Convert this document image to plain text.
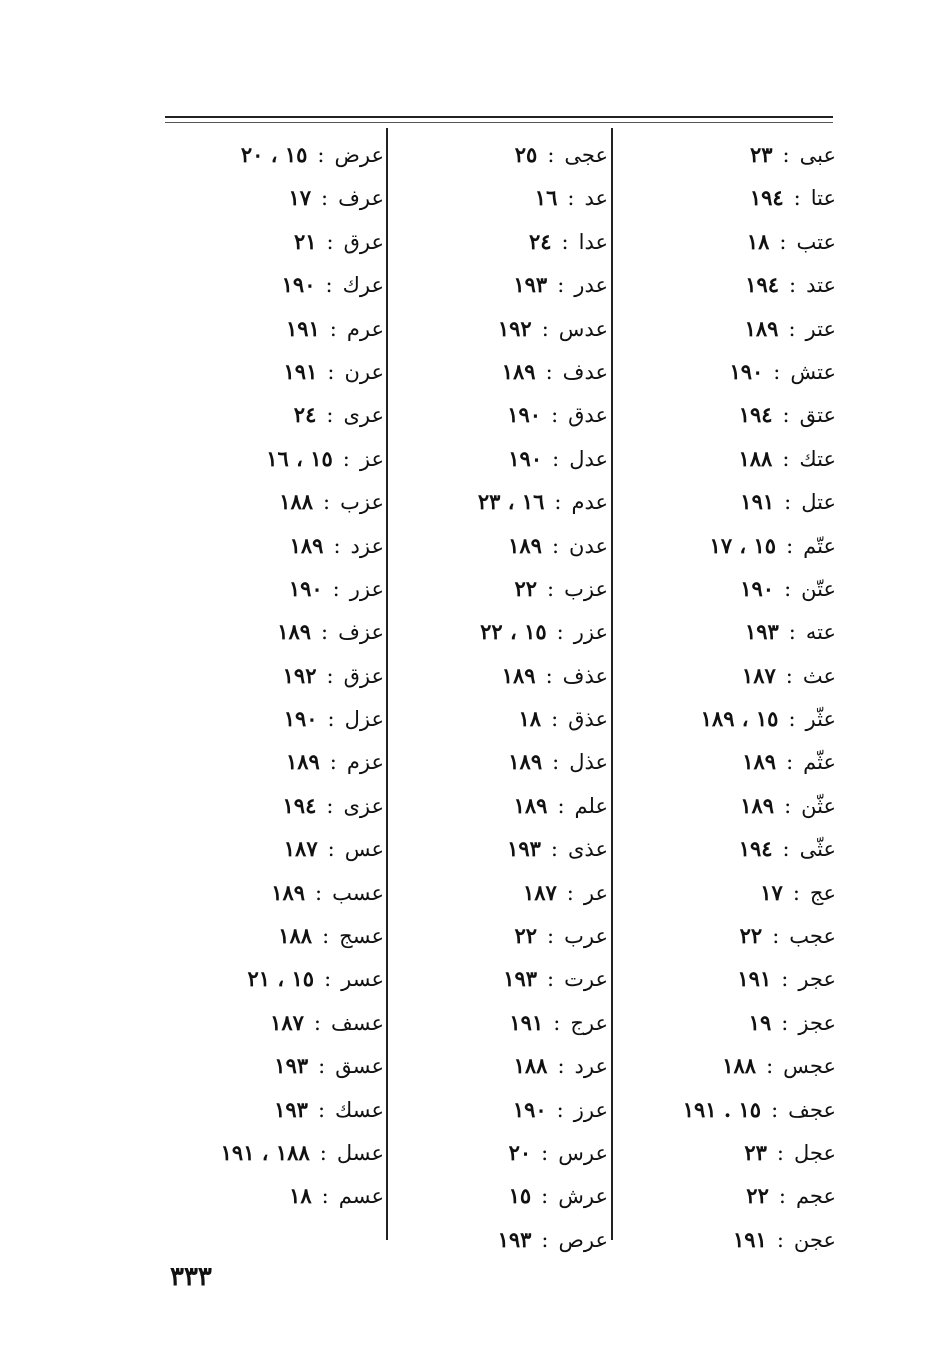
عبى:٢٣
عتا:١٩٤
عتب:١٨
عتد:١٩٤
عتر:١٨٩
عتش:١٩٠
عتق:١٩٤
عتك:١٨٨
عتل:١٩١
عتّم:١٥ ، ١٧
عتّن:١٩٠
عته:١٩٣
عث:١٨٧
عثّر:١٥ ، ١٨٩
عثّم:١٨٩
عثّن:١٨٩
عثّى:١٩٤
عج:١٧
عجب:٢٢
عجر:١٩١
عجز:١٩
عجس:١٨٨
عجف:١٥ . ١٩١
عجل:٢٣
عجم:٢٢
عجن:١٩١
عجى:٢٥
عد:١٦
عدا:٢٤
عدر:١٩٣
عدس:١٩٢
عدف:١٨٩
عدق:١٩٠
عدل:١٩٠
عدم:١٦ ، ٢٣
عدن:١٨٩
عزب:٢٢
عزر:١٥ ، ٢٢
عذف:١٨٩
عذق:١٨
عذل:١٨٩
علم:١٨٩
عذى:١٩٣
عر:١٨٧
عرب:٢٢
عرت:١٩٣
عرج:١٩١
عرد:١٨٨
عرز:١٩٠
عرس:٢٠
عرش:١٥
عرص:١٩٣
عرض:١٥ ، ٢٠
عرف:١٧
عرق:٢١
عرك:١٩٠
عرم:١٩١
عرن:١٩١
عرى:٢٤
عز:١٥ ، ١٦
عزب:١٨٨
عزد:١٨٩
عزر:١٩٠
عزف:١٨٩
عزق:١٩٢
عزل:١٩٠
عزم:١٨٩
عزى:١٩٤
عس:١٨٧
عسب:١٨٩
عسج:١٨٨
عسر:١٥ ، ٢١
عسف:١٨٧
عسق:١٩٣
عسك:١٩٣
عسل:١٨٨ ، ١٩١
عسم:١٨
٣٣٣
